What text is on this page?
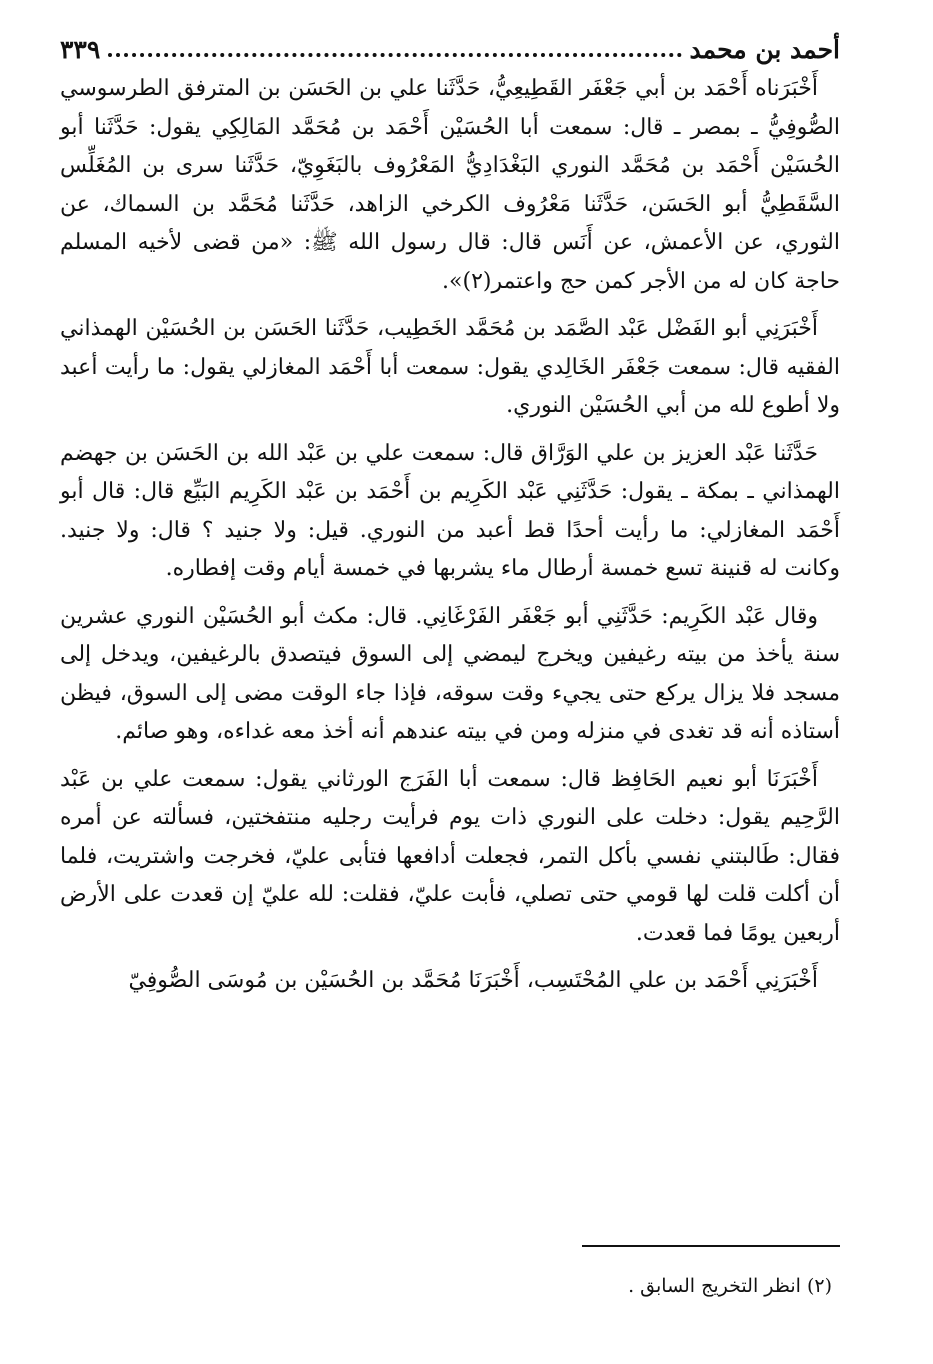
أحمد بن محمد
٣٣٩

أَخْبَرَناه أَحْمَد بن أبي جَعْفَر القَطِيعِيُّ، حَدَّثَنا علي بن الحَسَن بن المترفق الطرسوسي الصُّوفِيُّ ـ بمصر ـ قال: سمعت أبا الحُسَيْن أَحْمَد بن مُحَمَّد المَالِكِي يقول: حَدَّثَنا أبو الحُسَيْن أَحْمَد بن مُحَمَّد النوري البَغْدَادِيُّ المَعْرُوف بالبَغَوِيّ، حَدَّثَنا سرى بن المُغَلِّس السَّقَطِيُّ أبو الحَسَن، حَدَّثَنا مَعْرُوف الكرخي الزاهد، حَدَّثَنا مُحَمَّد بن السماك، عن الثوري، عن الأعمش، عن أَنَس قال: قال رسول الله ﷺ: «من قضى لأخيه المسلم حاجة كان له من الأجر كمن حج واعتمر(٢)».

أَخْبَرَنِي أبو الفَضْل عَبْد الصَّمَد بن مُحَمَّد الخَطِيب، حَدَّثَنا الحَسَن بن الحُسَيْن الهمذاني الفقيه قال: سمعت جَعْفَر الخَالِدي يقول: سمعت أبا أَحْمَد المغازلي يقول: ما رأيت أعبد ولا أطوع لله من أبي الحُسَيْن النوري.

حَدَّثَنا عَبْد العزيز بن علي الوَرَّاق قال: سمعت علي بن عَبْد الله بن الحَسَن بن جهضم الهمذاني ـ بمكة ـ يقول: حَدَّثَنِي عَبْد الكَرِيم بن أَحْمَد بن عَبْد الكَرِيم البَيِّع قال: قال أبو أَحْمَد المغازلي: ما رأيت أحدًا قط أعبد من النوري. قيل: ولا جنيد ؟ قال: ولا جنيد. وكانت له قنينة تسع خمسة أرطال ماء يشربها في خمسة أيام وقت إفطاره.

وقال عَبْد الكَرِيم: حَدَّثَنِي أبو جَعْفَر الفَرْغَانِي. قال: مكث أبو الحُسَيْن النوري عشرين سنة يأخذ من بيته رغيفين ويخرج ليمضي إلى السوق فيتصدق بالرغيفين، ويدخل إلى مسجد فلا يزال يركع حتى يجيء وقت سوقه، فإذا جاء الوقت مضى إلى السوق، فيظن أستاذه أنه قد تغدى في منزله ومن في بيته عندهم أنه أخذ معه غداءه، وهو صائم.

أَخْبَرَنَا أبو نعيم الحَافِظ قال: سمعت أبا الفَرَج الورثاني يقول: سمعت علي بن عَبْد الرَّحِيم يقول: دخلت على النوري ذات يوم فرأيت رجليه منتفختين، فسألته عن أمره فقال: طَالبتني نفسي بأكل التمر، فجعلت أدافعها فتأبى عليّ، فخرجت واشتريت، فلما أن أكلت قلت لها قومي حتى تصلي، فأبت عليّ، فقلت: لله عليّ إن قعدت على الأرض أربعين يومًا فما قعدت.

أَخْبَرَنِي أَحْمَد بن علي المُحْتَسِب، أَخْبَرَنَا مُحَمَّد بن الحُسَيْن بن مُوسَى الصُّوفِيّ

(٢) انظر التخريج السابق .
